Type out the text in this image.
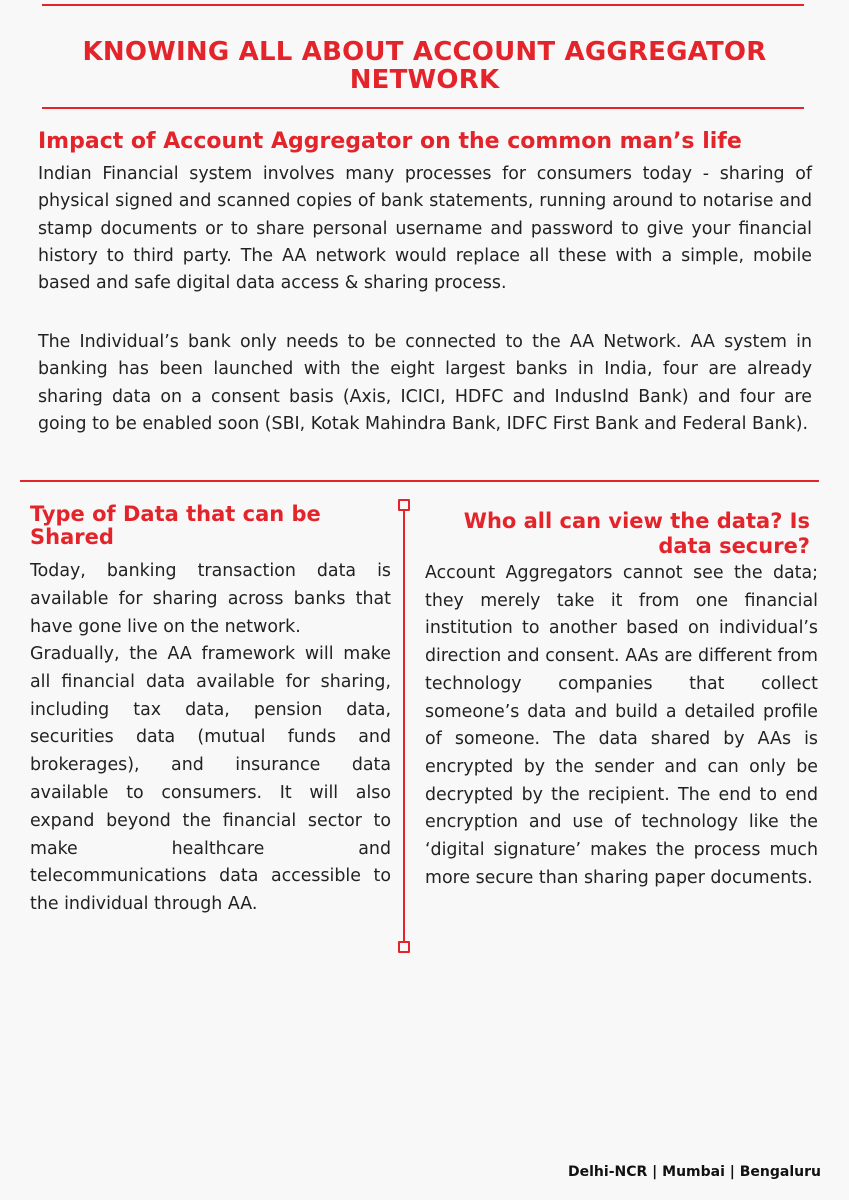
KNOWING ALL ABOUT ACCOUNT AGGREGATOR NETWORK
Impact of Account Aggregator on the common man’s life
Indian Financial system involves many processes for consumers today - sharing of physical signed and scanned copies of bank statements, running around to notarise and stamp documents or to share personal username and password to give your financial history to third party. The AA network would replace all these with a simple, mobile based and safe digital data access & sharing process.
The Individual’s bank only needs to be connected to the AA Network. AA system in banking has been launched with the eight largest banks in India, four are already sharing data on a consent basis (Axis, ICICI, HDFC and IndusInd Bank) and four are going to be enabled soon (SBI, Kotak Mahindra Bank, IDFC First Bank and Federal Bank).
Type of Data that can be Shared
Today, banking transaction data is available for sharing across banks that have gone live on the network.
Gradually, the AA framework will make all financial data available for sharing, including tax data, pension data, securities data (mutual funds and brokerages), and insurance data available to consumers. It will also expand beyond the financial sector to make healthcare and telecommunications data accessible to the individual through AA.
Who all can view the data? Is data secure?
Account Aggregators cannot see the data; they merely take it from one financial institution to another based on individual’s direction and consent. AAs are different from technology companies that collect someone’s data and build a detailed profile of someone. The data shared by AAs is encrypted by the sender and can only be decrypted by the recipient. The end to end encryption and use of technology like the ‘digital signature’ makes the process much more secure than sharing paper documents.
Delhi-NCR | Mumbai | Bengaluru
